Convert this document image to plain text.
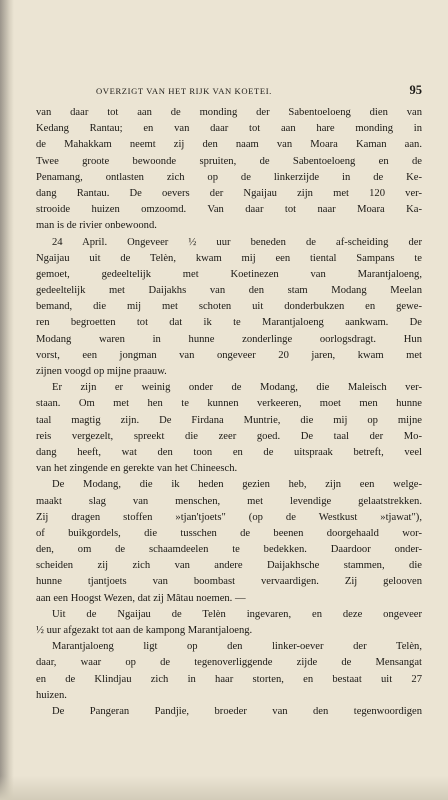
OVERZIGT VAN HET RIJK VAN KOETEI.	95
van daar tot aan de monding der Sabentoeloeng dien van
Kedang Rantau; en van daar tot aan hare monding in
de Mahakkam neemt zij den naam van Moara Kaman aan.
Twee groote bewoonde spruiten, de Sabentoeloeng en de
Penamang, ontlasten zich op de linkerzijde in de Ke-
dang Rantau. De oevers der Ngaijau zijn met 120 ver-
strooide huizen omzoomd. Van daar tot naar Moara Ka-
man is de rivier onbewoond.
24 April. Ongeveer ½ uur beneden de af-scheiding der
Ngaijau uit de Telèn, kwam mij een tiental Sampans te
gemoet, gedeeltelijk met Koetinezen van Marantjaloeng,
gedeeltelijk met Daijakhs van den stam Modang Meelan
bemand, die mij met schoten uit donderbukzen en gewe-
ren begroetten tot dat ik te Marantjaloeng aankwam. De
Modang waren in hunne zonderlinge oorlogsdragt. Hun
vorst, een jongman van ongeveer 20 jaren, kwam met
zijnen voogd op mijne praauw.
Er zijn er weinig onder de Modang, die Maleisch ver-
staan. Om met hen te kunnen verkeeren, moet men hunne
taal magtig zijn. De Firdana Muntrie, die mij op mijne
reis vergezelt, spreekt die zeer goed. De taal der Mo-
dang heeft, wat den toon en de uitspraak betreft, veel
van het zingende en gerekte van het Chineesch.
De Modang, die ik heden gezien heb, zijn een welge-
maakt slag van menschen, met levendige gelaatstrekken.
Zij dragen stoffen »tjan'tjoets" (op de Westkust »tjawat"),
of buikgordels, die tusschen de beenen doorgehaald wor-
den, om de schaamdeelen te bedekken. Daardoor onder-
scheiden zij zich van andere Daijakhsche stammen, die
hunne tjantjoets van boombast vervaardigen. Zij gelooven
aan een Hoogst Wezen, dat zij Mâtau noemen. —
Uit de Ngaijau de Telèn ingevaren, en deze ongeveer
½ uur afgezakt tot aan de kampong Marantjaloeng.
Marantjaloeng ligt op den linker-oever der Telèn,
daar, waar op de tegenoverliggende zijde de Mensangat
en de Klindjau zich in haar storten, en bestaat uit 27
huizen.
De Pangeran Pandjie, broeder van den tegenwoordigen
